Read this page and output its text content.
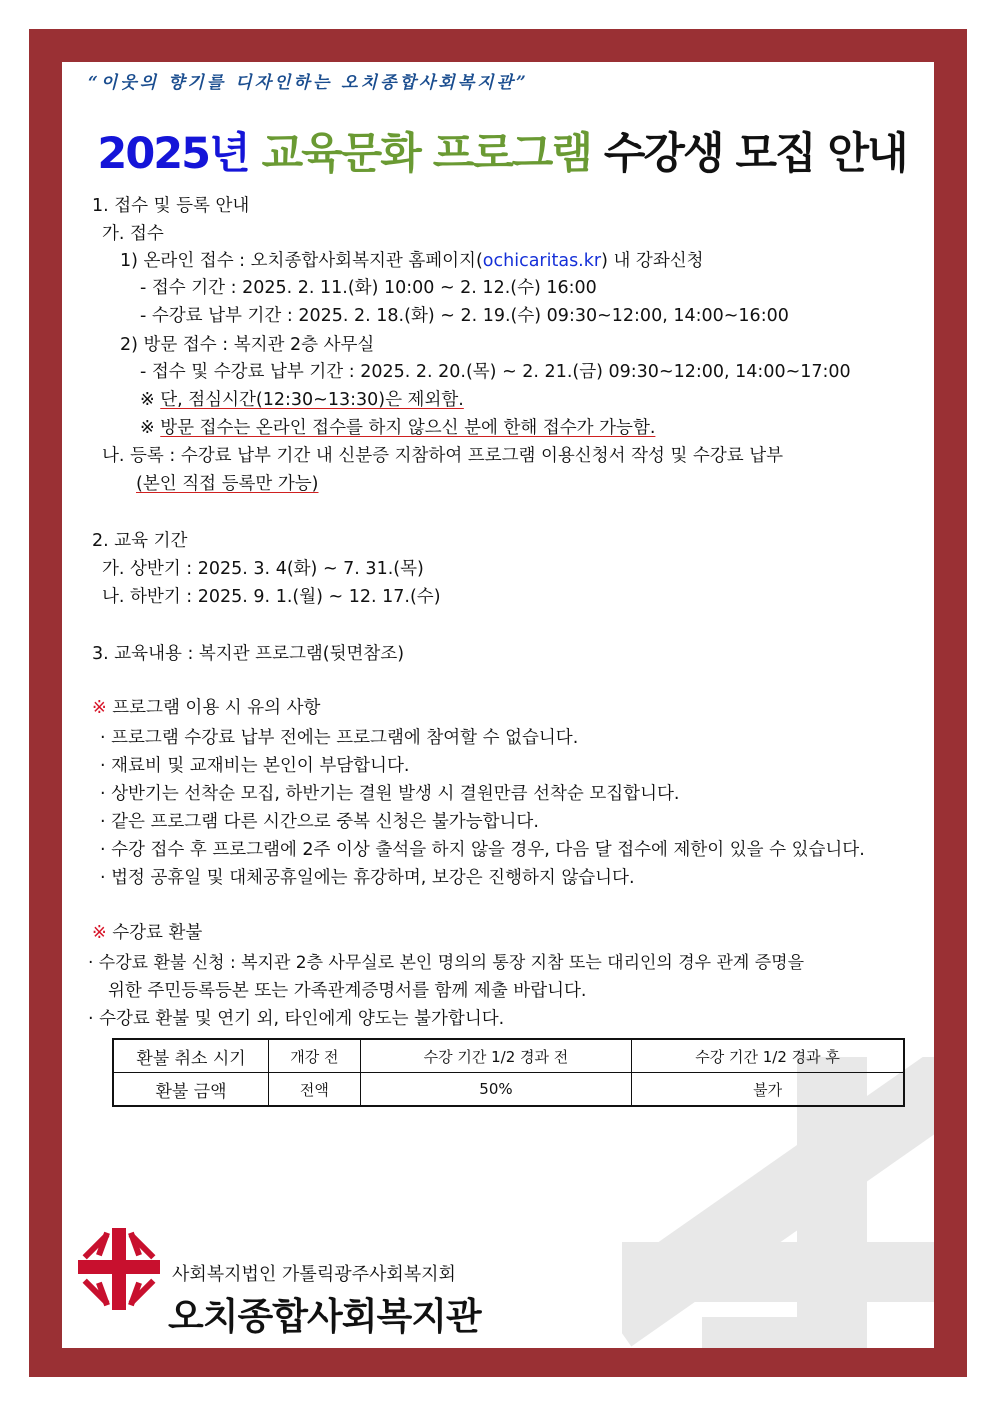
“이웃의 향기를 디자인하는 오치종합사회복지관”
2025년 교육문화 프로그램 수강생 모집 안내
1. 접수 및 등록 안내
가. 접수
1) 온라인 접수 : 오치종합사회복지관 홈페이지(ochicaritas.kr) 내 강좌신청
- 접수 기간 : 2025. 2. 11.(화) 10:00 ~ 2. 12.(수) 16:00
- 수강료 납부 기간 : 2025. 2. 18.(화) ~ 2. 19.(수) 09:30~12:00, 14:00~16:00
2) 방문 접수 : 복지관 2층 사무실
- 접수 및 수강료 납부 기간 : 2025. 2. 20.(목) ~ 2. 21.(금) 09:30~12:00, 14:00~17:00
※ 단, 점심시간(12:30~13:30)은 제외함.
※ 방문 접수는 온라인 접수를 하지 않으신 분에 한해 접수가 가능함.
나. 등록 : 수강료 납부 기간 내 신분증 지참하여 프로그램 이용신청서 작성 및 수강료 납부
(본인 직접 등록만 가능)
2. 교육 기간
가. 상반기 : 2025. 3. 4(화) ~ 7. 31.(목)
나. 하반기 : 2025. 9. 1.(월) ~ 12. 17.(수)
3. 교육내용 : 복지관 프로그램(뒷면참조)
※ 프로그램 이용 시 유의 사항
· 프로그램 수강료 납부 전에는 프로그램에 참여할 수 없습니다.
· 재료비 및 교재비는 본인이 부담합니다.
· 상반기는 선착순 모집, 하반기는 결원 발생 시 결원만큼 선착순 모집합니다.
· 같은 프로그램 다른 시간으로 중복 신청은 불가능합니다.
· 수강 접수 후 프로그램에 2주 이상 출석을 하지 않을 경우, 다음 달 접수에 제한이 있을 수 있습니다.
· 법정 공휴일 및 대체공휴일에는 휴강하며, 보강은 진행하지 않습니다.
※ 수강료 환불
· 수강료 환불 신청 : 복지관 2층 사무실로 본인 명의의 통장 지참 또는 대리인의 경우 관계 증명을
위한 주민등록등본 또는 가족관계증명서를 함께 제출 바랍니다.
· 수강료 환불 및 연기 외, 타인에게 양도는 불가합니다.
환불 취소 시기	개강 전	수강 기간 1/2 경과 전	수강 기간 1/2 경과 후
환불 금액	전액	50%	불가
사회복지법인 가톨릭광주사회복지회
오치종합사회복지관
